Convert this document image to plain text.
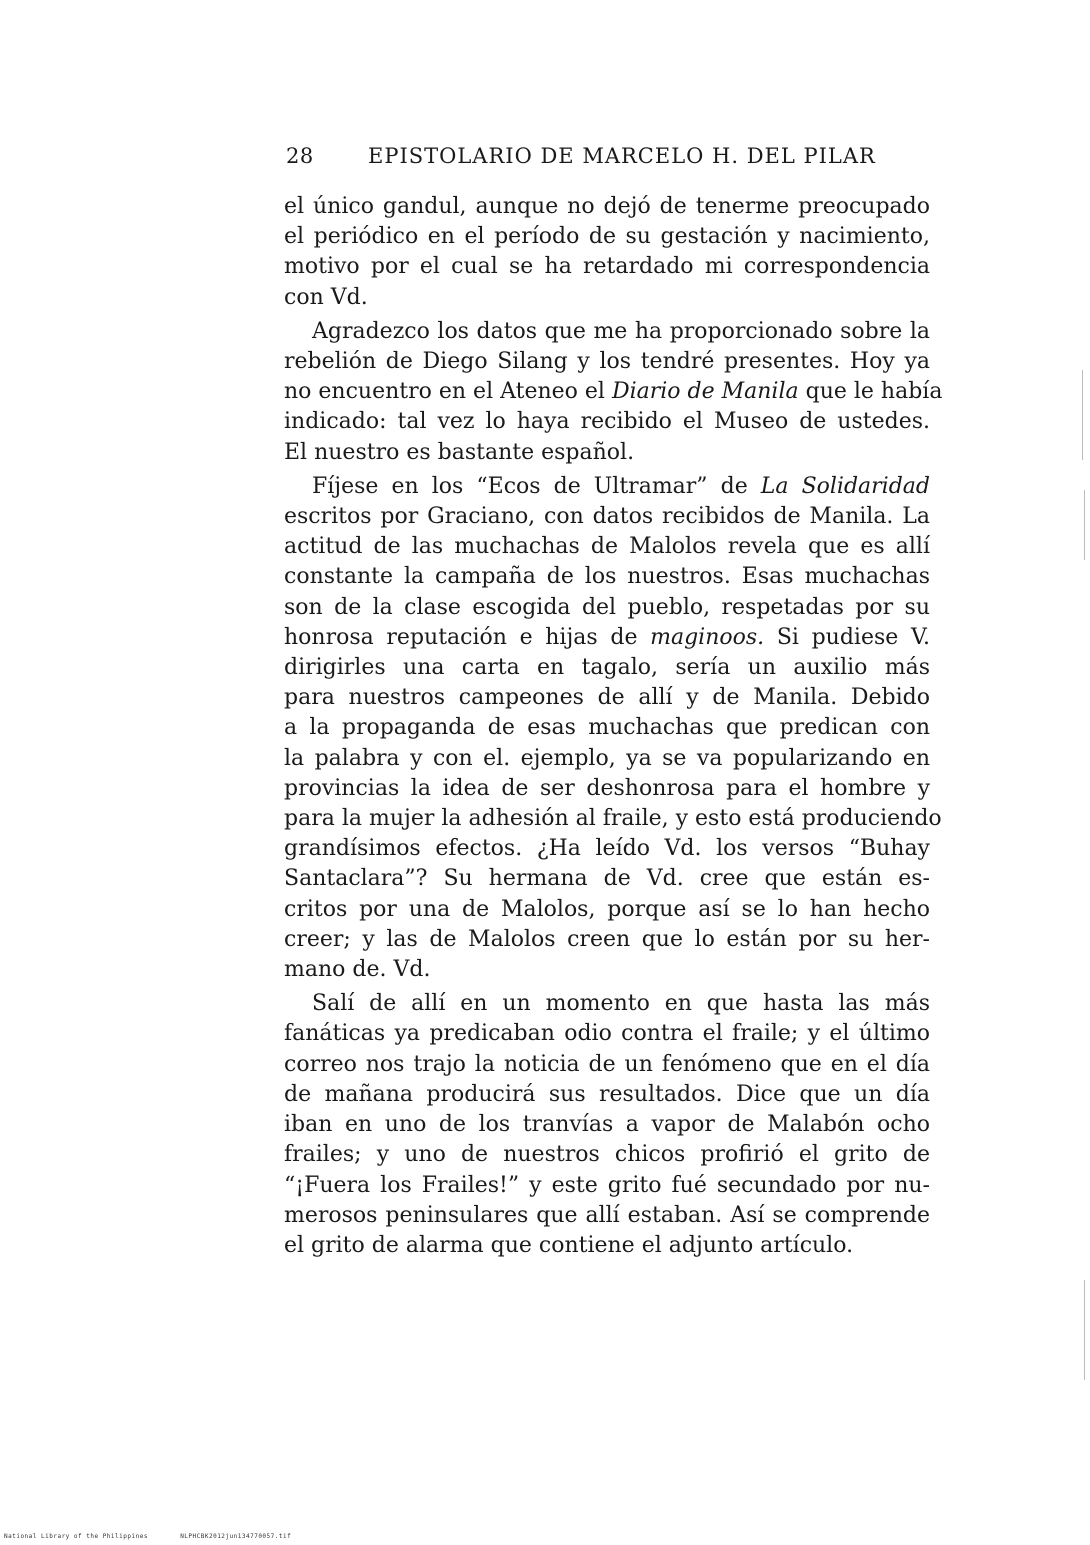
28	EPISTOLARIO DE MARCELO H. DEL PILAR

el único gandul, aunque no dejó de tenerme preocupado
el periódico en el período de su gestación y nacimiento,
motivo por el cual se ha retardado mi correspondencia
con Vd.

Agradezco los datos que me ha proporcionado sobre la
rebelión de Diego Silang y los tendré presentes. Hoy ya
no encuentro en el Ateneo el Diario de Manila que le había
indicado: tal vez lo haya recibido el Museo de ustedes.
El nuestro es bastante español.

Fíjese en los “Ecos de Ultramar” de La Solidaridad
escritos por Graciano, con datos recibidos de Manila. La
actitud de las muchachas de Malolos revela que es allí
constante la campaña de los nuestros. Esas muchachas
son de la clase escogida del pueblo, respetadas por su
honrosa reputación e hijas de maginoos. Si pudiese V.
dirigirles una carta en tagalo, sería un auxilio más
para nuestros campeones de allí y de Manila. Debido
a la propaganda de esas muchachas que predican con
la palabra y con el. ejemplo, ya se va popularizando en
provincias la idea de ser deshonrosa para el hombre y
para la mujer la adhesión al fraile, y esto está produciendo
grandísimos efectos. ¿Ha leído Vd. los versos “Buhay
Santaclara”? Su hermana de Vd. cree que están es-
critos por una de Malolos, porque así se lo han hecho
creer; y las de Malolos creen que lo están por su her-
mano de. Vd.

Salí de allí en un momento en que hasta las más
fanáticas ya predicaban odio contra el fraile; y el último
correo nos trajo la noticia de un fenómeno que en el día
de mañana producirá sus resultados. Dice que un día
iban en uno de los tranvías a vapor de Malabón ocho
frailes; y uno de nuestros chicos profirió el grito de
“¡Fuera los Frailes!” y este grito fué secundado por nu-
merosos peninsulares que allí estaban. Así se comprende
el grito de alarma que contiene el adjunto artículo.

National Library of the Philippines	NLPHCBK2012jun134770057.tif
